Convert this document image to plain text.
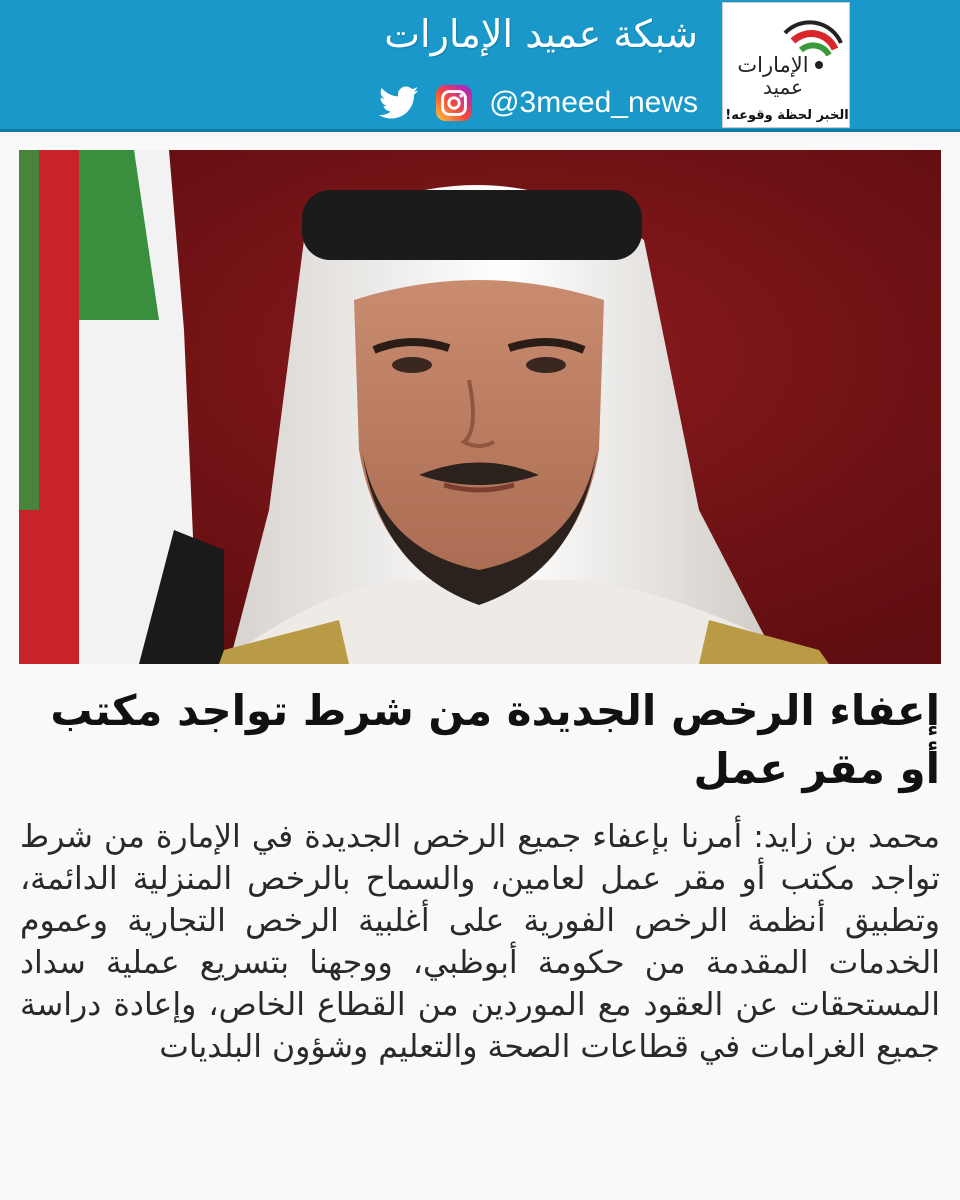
الإمارات
عميد
الخبر لحظة وقوعه!
شبكة عميد الإمارات
@3meed_news
إعفاء الرخص الجديدة من شرط تواجد مكتب أو مقر عمل

محمد بن زايد: أمرنا بإعفاء جميع الرخص الجديدة في الإمارة من شرط تواجد مكتب أو مقر عمل لعامين، والسماح بالرخص المنزلية الدائمة، وتطبيق أنظمة الرخص الفورية على أغلبية الرخص التجارية وعموم الخدمات المقدمة من حكومة أبوظبي، ووجهنا بتسريع عملية سداد المستحقات عن العقود مع الموردين من القطاع الخاص، وإعادة دراسة جميع الغرامات في قطاعات الصحة والتعليم وشؤون البلديات
